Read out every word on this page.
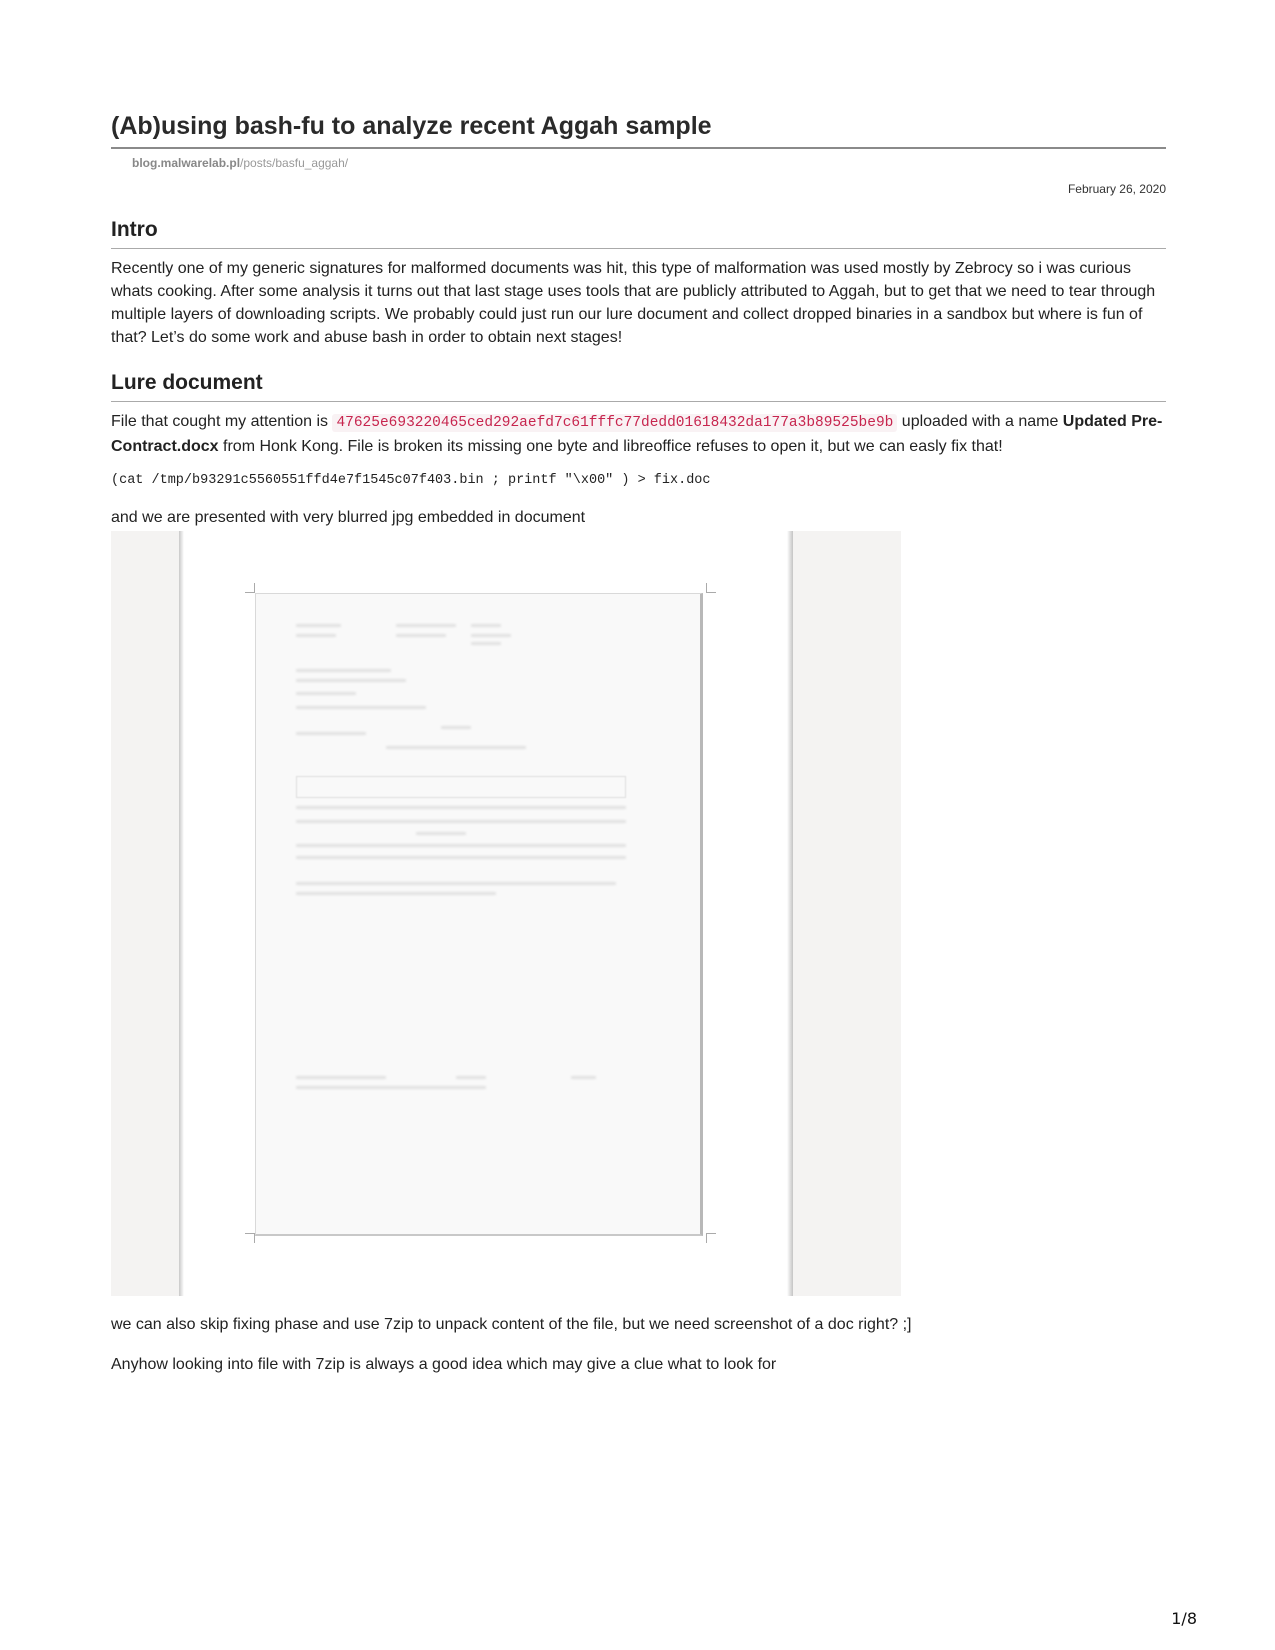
(Ab)using bash-fu to analyze recent Aggah sample
blog.malwarelab.pl/posts/basfu_aggah/
February 26, 2020
Intro

Recently one of my generic signatures for malformed documents was hit, this type of malformation was used mostly by Zebrocy so i was curious whats cooking. After some analysis it turns out that last stage uses tools that are publicly attributed to Aggah, but to get that we need to tear through multiple layers of downloading scripts. We probably could just run our lure document and collect dropped binaries in a sandbox but where is fun of that? Let’s do some work and abuse bash in order to obtain next stages!

Lure document

File that cought my attention is 47625e693220465ced292aefd7c61fffc77dedd01618432da177a3b89525be9b uploaded with a name Updated Pre-Contract.docx from Honk Kong. File is broken its missing one byte and libreoffice refuses to open it, but we can easly fix that!

(cat /tmp/b93291c5560551ffd4e7f1545c07f403.bin ; printf "\x00" ) > fix.doc

and we are presented with very blurred jpg embedded in document

we can also skip fixing phase and use 7zip to unpack content of the file, but we need screenshot of a doc right? ;]

Anyhow looking into file with 7zip is always a good idea which may give a clue what to look for

1/8
